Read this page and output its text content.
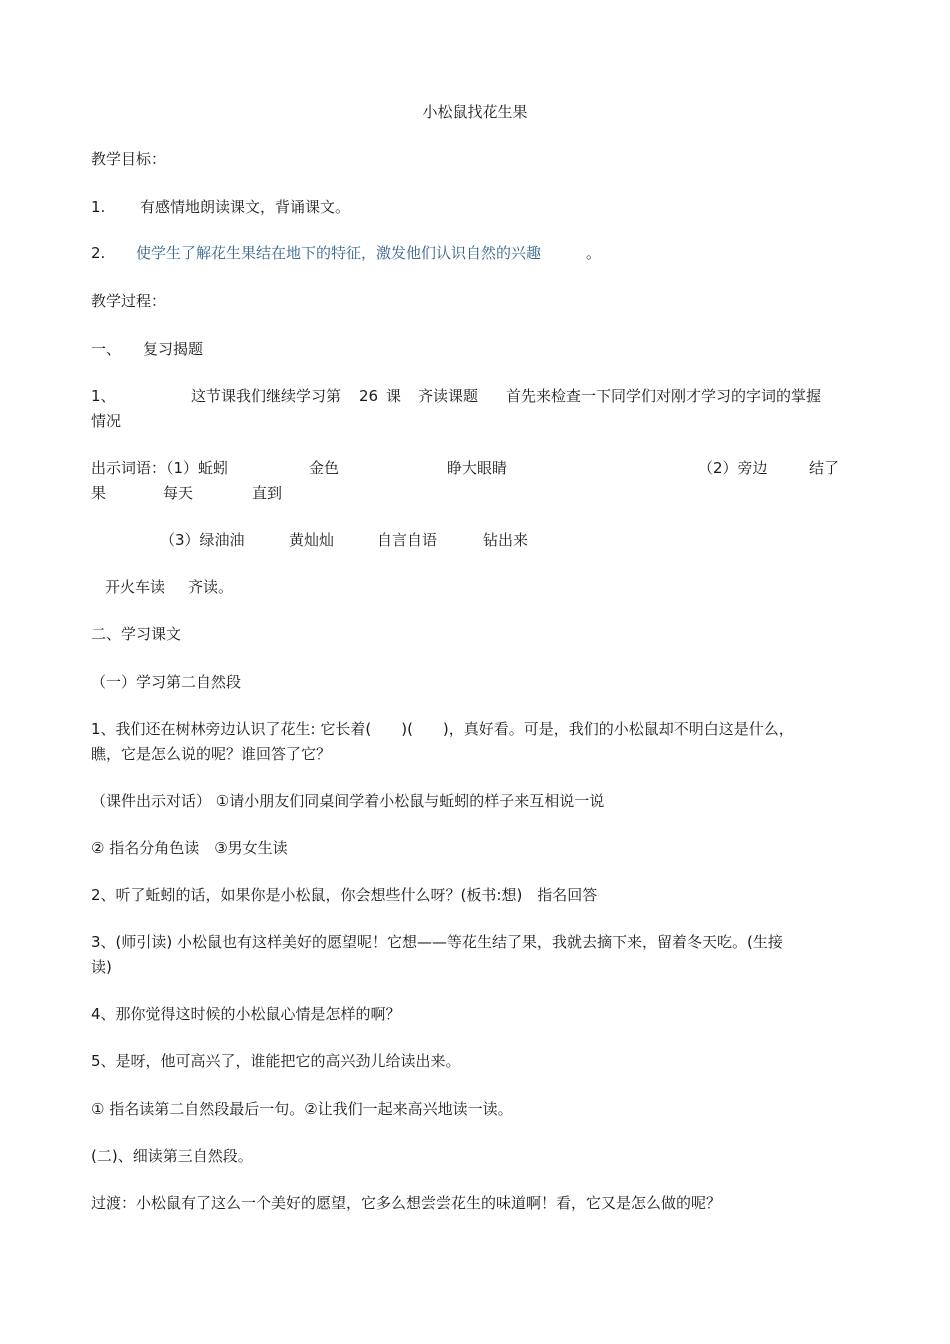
小松鼠找花生果
教学目标：
1. 有感情地朗读课文，背诵课文。
2. 使学生了解花生果结在地下的特征，激发他们认识自然的兴趣	。
教学过程：
一、 复习揭题
1、	这节课我们继续学习第 26 课 齐读课题 首先来检查一下同学们对刚才学习的字词的掌握
情况
出示词语：（1）蚯蚓	金色	睁大眼睛	（2）旁边	结了
果	每天	直到
（3）绿油油	黄灿灿	自言自语	钻出来
开火车读 齐读。
二、学习课文
（一）学习第二自然段
1、我们还在树林旁边认识了花生: 它长着(　　)(　　)，真好看。可是，我们的小松鼠却不明白这是什么，
瞧，它是怎么说的呢？谁回答了它？
（课件出示对话） ①请小朋友们同桌间学着小松鼠与蚯蚓的样子来互相说一说
② 指名分角色读　③男女生读
2、听了蚯蚓的话，如果你是小松鼠，你会想些什么呀？(板书:想)　指名回答
3、(师引读) 小松鼠也有这样美好的愿望呢！它想——等花生结了果，我就去摘下来，留着冬天吃。(生接
读)
4、那你觉得这时候的小松鼠心情是怎样的啊？
5、是呀，他可高兴了，谁能把它的高兴劲儿给读出来。
① 指名读第二自然段最后一句。②让我们一起来高兴地读一读。
(二)、细读第三自然段。
过渡：小松鼠有了这么一个美好的愿望，它多么想尝尝花生的味道啊！看，它又是怎么做的呢？
